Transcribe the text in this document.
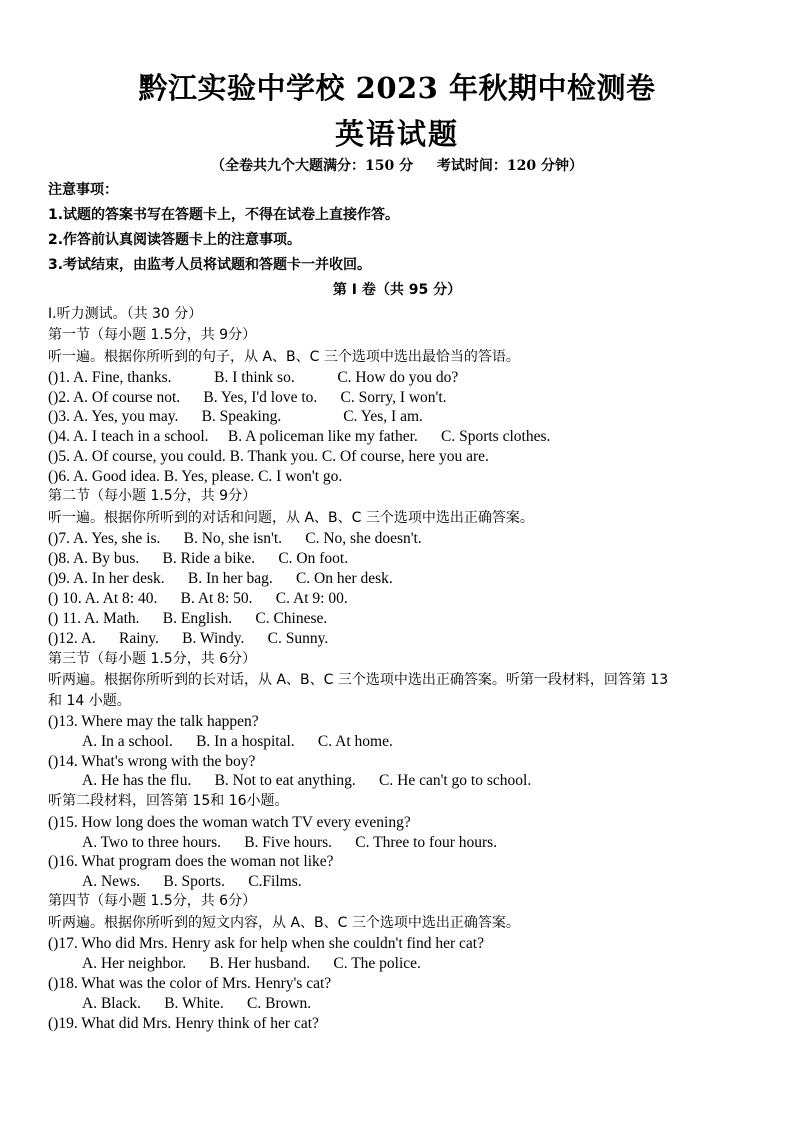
黔江实验中学校 2023 年秋期中检测卷
英语试题
（全卷共九个大题满分：150 分 　 考试时间：120 分钟）
注意事项：
1.试题的答案书写在答题卡上，不得在试卷上直接作答。
2.作答前认真阅读答题卡上的注意事项。
3.考试结束，由监考人员将试题和答题卡一并收回。
第 I 卷（共 95 分）
I.听力测试。（共 30 分）
第一节（每小题 1.5分，共 9分）
听一遍。根据你所听到的句子，从 A、B、C 三个选项中选出最恰当的答语。
()1. A. Fine, thanks. 　 　 B. I think so. 　 　 C. How do you do?
()2. A. Of course not. 　 B. Yes, I'd love to. 　 C. Sorry, I won't.
()3. A. Yes, you may. 　 B. Speaking. 　 　 　 C. Yes, I am.
()4. A. I teach in a school. 　B. A policeman like my father. 　 C. Sports clothes.
()5. A. Of course, you could. B. Thank you. C. Of course, here you are.
()6. A. Good idea. B. Yes, please. C. I won't go.
第二节（每小题 1.5分，共 9分）
听一遍。根据你所听到的对话和问题，从 A、B、C 三个选项中选出正确答案。
()7. A. Yes, she is. 　 B. No, she isn't. 　 C. No, she doesn't.
()8. A. By bus. 　 B. Ride a bike. 　 C. On foot.
()9. A. In her desk. 　 B. In her bag. 　 C. On her desk.
() 10. A. At 8: 40. 　 B. At 8: 50. 　 C. At 9: 00.
() 11. A. Math. 　 B. English. 　 C. Chinese.
()12. A. 　 Rainy. 　 B. Windy. 　 C. Sunny.
第三节（每小题 1.5分，共 6分）
听两遍。根据你所听到的长对话，从 A、B、C 三个选项中选出正确答案。听第一段材料，回答第 13
和 14 小题。
()13. Where may the talk happen?
A. In a school. 　 B. In a hospital. 　 C. At home.
()14. What's wrong with the boy?
A. He has the flu. 　 B. Not to eat anything. 　 C. He can't go to school.
听第二段材料，回答第 15和 16小题。
()15. How long does the woman watch TV every evening?
A. Two to three hours. 　 B. Five hours. 　 C. Three to four hours.
()16. What program does the woman not like?
A. News. 　 B. Sports. 　 C.Films.
第四节（每小题 1.5分，共 6分）
听两遍。根据你所听到的短文内容，从 A、B、C 三个选项中选出正确答案。
()17. Who did Mrs. Henry ask for help when she couldn't find her cat?
A. Her neighbor. 　 B. Her husband. 　 C. The police.
()18. What was the color of Mrs. Henry's cat?
A. Black. 　 B. White. 　 C. Brown.
()19. What did Mrs. Henry think of her cat?
